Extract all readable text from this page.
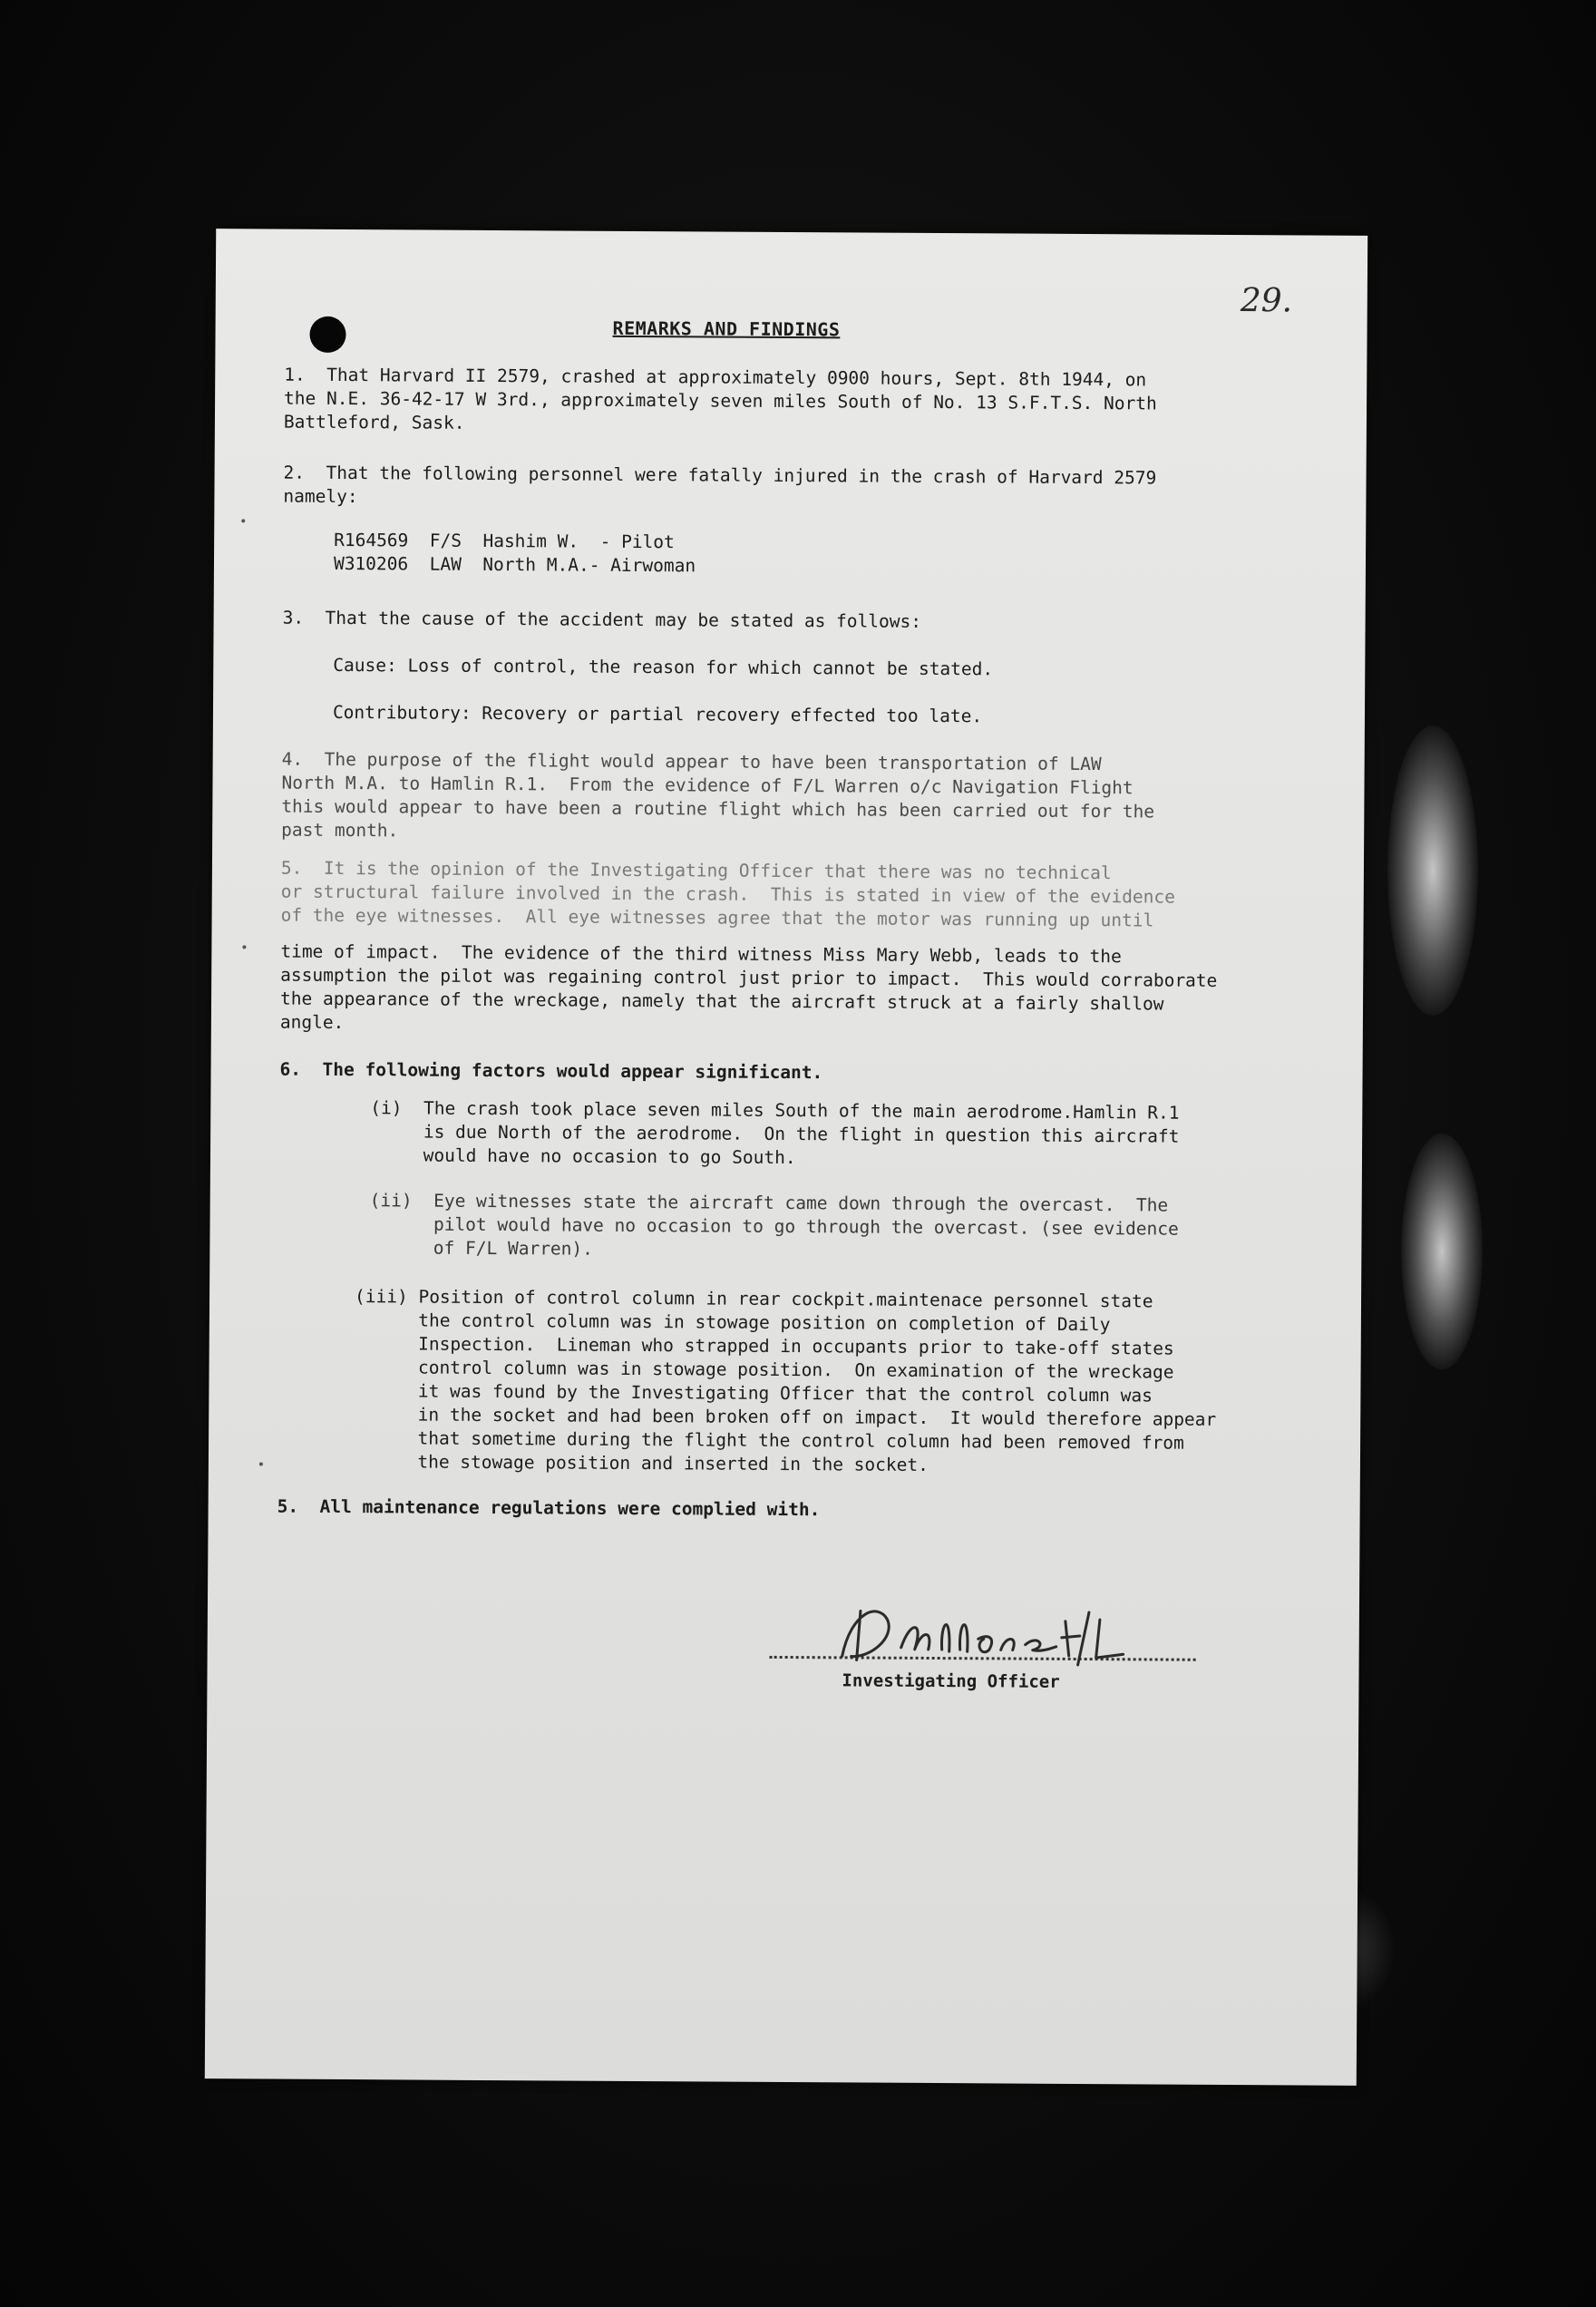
29.
REMARKS AND FINDINGS
1.  That Harvard II 2579, crashed at approximately 0900 hours, Sept. 8th 1944, on
the N.E. 36-42-17 W 3rd., approximately seven miles South of No. 13 S.F.T.S. North
Battleford, Sask.
2.  That the following personnel were fatally injured in the crash of Harvard 2579
namely:
R164569  F/S  Hashim W.  - Pilot
W310206  LAW  North M.A.- Airwoman
3.  That the cause of the accident may be stated as follows:
Cause: Loss of control, the reason for which cannot be stated.
Contributory: Recovery or partial recovery effected too late.
4.  The purpose of the flight would appear to have been transportation of LAW
North M.A. to Hamlin R.1.  From the evidence of F/L Warren o/c Navigation Flight
this would appear to have been a routine flight which has been carried out for the
past month.
5.  It is the opinion of the Investigating Officer that there was no technical
or structural failure involved in the crash.  This is stated in view of the evidence
of the eye witnesses.  All eye witnesses agree that the motor was running up until
time of impact.  The evidence of the third witness Miss Mary Webb, leads to the
assumption the pilot was regaining control just prior to impact.  This would corraborate
the appearance of the wreckage, namely that the aircraft struck at a fairly shallow
angle.
6.  The following factors would appear significant.
(i)  The crash took place seven miles South of the main aerodrome.Hamlin R.1
is due North of the aerodrome.  On the flight in question this aircraft
would have no occasion to go South.
(ii)  Eye witnesses state the aircraft came down through the overcast.  The
pilot would have no occasion to go through the overcast. (see evidence
of F/L Warren).
(iii) Position of control column in rear cockpit.maintenace personnel state
the control column was in stowage position on completion of Daily
Inspection.  Lineman who strapped in occupants prior to take-off states
control column was in stowage position.  On examination of the wreckage
it was found by the Investigating Officer that the control column was
in the socket and had been broken off on impact.  It would therefore appear
that sometime during the flight the control column had been removed from
the stowage position and inserted in the socket.
5.  All maintenance regulations were complied with.
Investigating Officer
